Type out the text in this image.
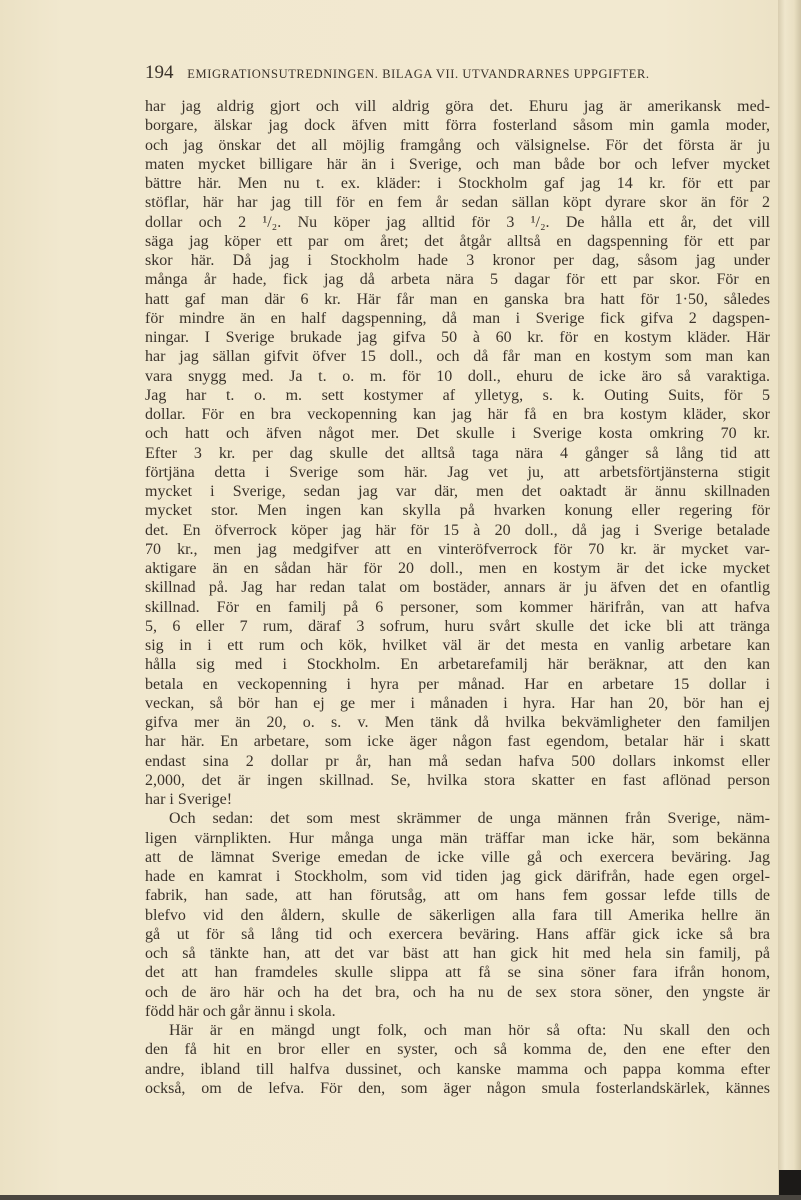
194 EMIGRATIONSUTREDNINGEN. BILAGA VII. UTVANDRARNES UPPGIFTER.
har jag aldrig gjort och vill aldrig göra det. Ehuru jag är amerikansk med-
borgare, älskar jag dock äfven mitt förra fosterland såsom min gamla moder,
och jag önskar det all möjlig framgång och välsignelse. För det första är ju
maten mycket billigare här än i Sverige, och man både bor och lefver mycket
bättre här. Men nu t. ex. kläder: i Stockholm gaf jag 14 kr. för ett par
stöflar, här har jag till för en fem år sedan sällan köpt dyrare skor än för 2
dollar och 2 ¹/₂. Nu köper jag alltid för 3 ¹/₂. De hålla ett år, det vill
säga jag köper ett par om året; det åtgår alltså en dagspenning för ett par
skor här. Då jag i Stockholm hade 3 kronor per dag, såsom jag under
många år hade, fick jag då arbeta nära 5 dagar för ett par skor. För en
hatt gaf man där 6 kr. Här får man en ganska bra hatt för 1·50, således
för mindre än en half dagspenning, då man i Sverige fick gifva 2 dagspen-
ningar. I Sverige brukade jag gifva 50 à 60 kr. för en kostym kläder. Här
har jag sällan gifvit öfver 15 doll., och då får man en kostym som man kan
vara snygg med. Ja t. o. m. för 10 doll., ehuru de icke äro så varaktiga.
Jag har t. o. m. sett kostymer af ylletyg, s. k. Outing Suits, för 5
dollar. För en bra veckopenning kan jag här få en bra kostym kläder, skor
och hatt och äfven något mer. Det skulle i Sverige kosta omkring 70 kr.
Efter 3 kr. per dag skulle det alltså taga nära 4 gånger så lång tid att
förtjäna detta i Sverige som här. Jag vet ju, att arbetsförtjänsterna stigit
mycket i Sverige, sedan jag var där, men det oaktadt är ännu skillnaden
mycket stor. Men ingen kan skylla på hvarken konung eller regering för
det. En öfverrock köper jag här för 15 à 20 doll., då jag i Sverige betalade
70 kr., men jag medgifver att en vinteröfverrock för 70 kr. är mycket var-
aktigare än en sådan här för 20 doll., men en kostym är det icke mycket
skillnad på. Jag har redan talat om bostäder, annars är ju äfven det en ofantlig
skillnad. För en familj på 6 personer, som kommer härifrån, van att hafva
5, 6 eller 7 rum, däraf 3 sofrum, huru svårt skulle det icke bli att tränga
sig in i ett rum och kök, hvilket väl är det mesta en vanlig arbetare kan
hålla sig med i Stockholm. En arbetarefamilj här beräknar, att den kan
betala en veckopenning i hyra per månad. Har en arbetare 15 dollar i
veckan, så bör han ej ge mer i månaden i hyra. Har han 20, bör han ej
gifva mer än 20, o. s. v. Men tänk då hvilka bekvämligheter den familjen
har här. En arbetare, som icke äger någon fast egendom, betalar här i skatt
endast sina 2 dollar pr år, han må sedan hafva 500 dollars inkomst eller
2,000, det är ingen skillnad. Se, hvilka stora skatter en fast aflönad person
har i Sverige!
Och sedan: det som mest skrämmer de unga männen från Sverige, näm-
ligen värnplikten. Hur många unga män träffar man icke här, som bekänna
att de lämnat Sverige emedan de icke ville gå och exercera beväring. Jag
hade en kamrat i Stockholm, som vid tiden jag gick därifrån, hade egen orgel-
fabrik, han sade, att han förutsåg, att om hans fem gossar lefde tills de
blefvo vid den åldern, skulle de säkerligen alla fara till Amerika hellre än
gå ut för så lång tid och exercera beväring. Hans affär gick icke så bra
och så tänkte han, att det var bäst att han gick hit med hela sin familj, på
det att han framdeles skulle slippa att få se sina söner fara ifrån honom,
och de äro här och ha det bra, och ha nu de sex stora söner, den yngste är
född här och går ännu i skola.
Här är en mängd ungt folk, och man hör så ofta: Nu skall den och
den få hit en bror eller en syster, och så komma de, den ene efter den
andre, ibland till halfva dussinet, och kanske mamma och pappa komma efter
också, om de lefva. För den, som äger någon smula fosterlandskärlek, kännes
